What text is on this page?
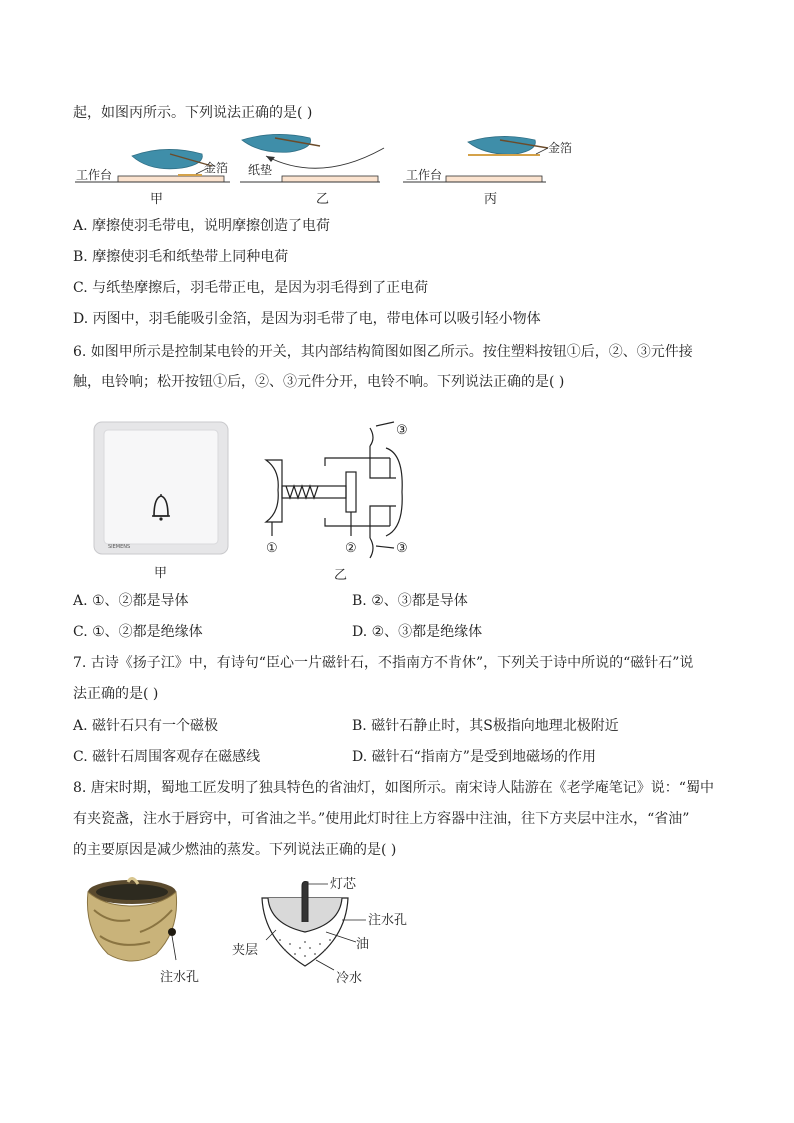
起，如图丙所示。下列说法正确的是( )
工作台	金箔
甲
纸垫
乙
工作台
金箔
丙
A. 摩擦使羽毛带电，说明摩擦创造了电荷
B. 摩擦使羽毛和纸垫带上同种电荷
C. 与纸垫摩擦后，羽毛带正电，是因为羽毛得到了正电荷
D. 丙图中，羽毛能吸引金箔，是因为羽毛带了电，带电体可以吸引轻小物体
6. 如图甲所示是控制某电铃的开关，其内部结构简图如图乙所示。按住塑料按钮①后，②、③元件接
触，电铃响；松开按钮①后，②、③元件分开，电铃不响。下列说法正确的是( )
SIEMENS
甲
①	②
③
③
乙
A. ①、②都是导体	B. ②、③都是导体
C. ①、②都是绝缘体	D. ②、③都是绝缘体
7. 古诗《扬子江》中，有诗句“臣心一片磁针石，不指南方不肯休”，下列关于诗中所说的“磁针石”说
法正确的是( )
A. 磁针石只有一个磁极	B. 磁针石静止时，其S极指向地理北极附近
C. 磁针石周围客观存在磁感线	D. 磁针石“指南方”是受到地磁场的作用
8. 唐宋时期，蜀地工匠发明了独具特色的省油灯，如图所示。南宋诗人陆游在《老学庵笔记》说：“蜀中
有夹瓷盏，注水于唇窍中，可省油之半。”使用此灯时往上方容器中注油，往下方夹层中注水，“省油”
的主要原因是减少燃油的蒸发。下列说法正确的是( )
注水孔
灯芯
注水孔
油
夹层
冷水
